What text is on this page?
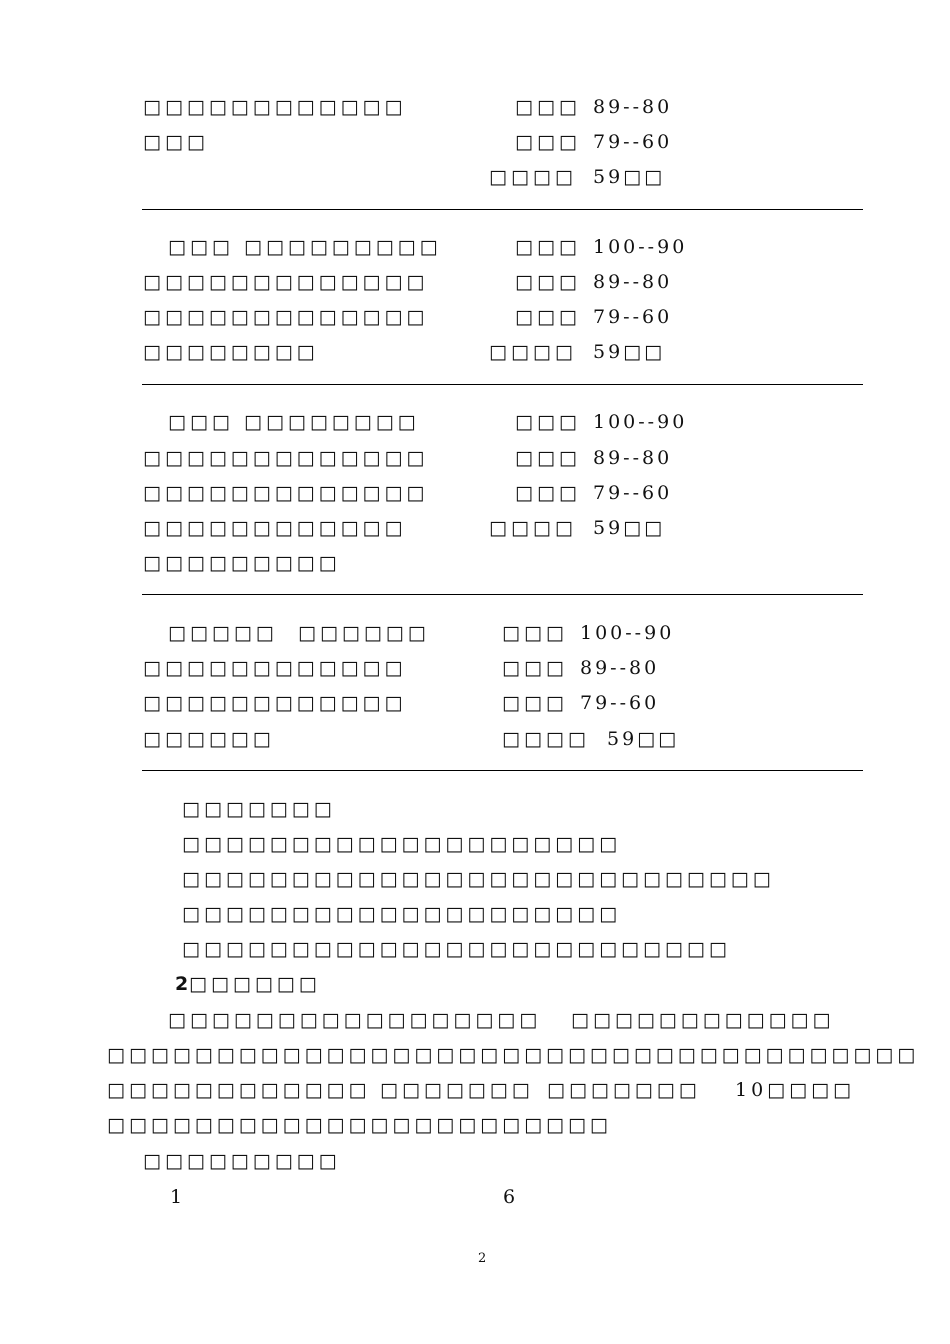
□□□□□□□□□□□□	□□□ 89--80
□□□	□□□ 79--60
□□□□ 59□□
□□□ □□□□□□□□□	□□□ 100--90
□□□□□□□□□□□□□	□□□ 89--80
□□□□□□□□□□□□□	□□□ 79--60
□□□□□□□□	□□□□ 59□□
□□□ □□□□□□□□	□□□ 100--90
□□□□□□□□□□□□□	□□□ 89--80
□□□□□□□□□□□□□	□□□ 79--60
□□□□□□□□□□□□	□□□□ 59□□
□□□□□□□□□
□□□□□ □□□□□□	□□□ 100--90
□□□□□□□□□□□□	□□□ 89--80
□□□□□□□□□□□□	□□□ 79--60
□□□□□□	□□□□ 59□□
□□□□□□□
□□□□□□□□□□□□□□□□□□□□
□□□□□□□□□□□□□□□□□□□□□□□□□□□
□□□□□□□□□□□□□□□□□□□□
□□□□□□□□□□□□□□□□□□□□□□□□□
2 □□□□□□
□□□□□□□□□□□□□□□□□ □□□□□□□□□□□□
□□□□□□□□□□□□□□□□□□□□□□□□□□□□□□□□□□□□□
□□□□□□□□□□□□ □□□□□□□ □□□□□□□ 10□□□□
□□□□□□□□□□□□□□□□□□□□□□□
□□□□□□□□□
1	6
2
